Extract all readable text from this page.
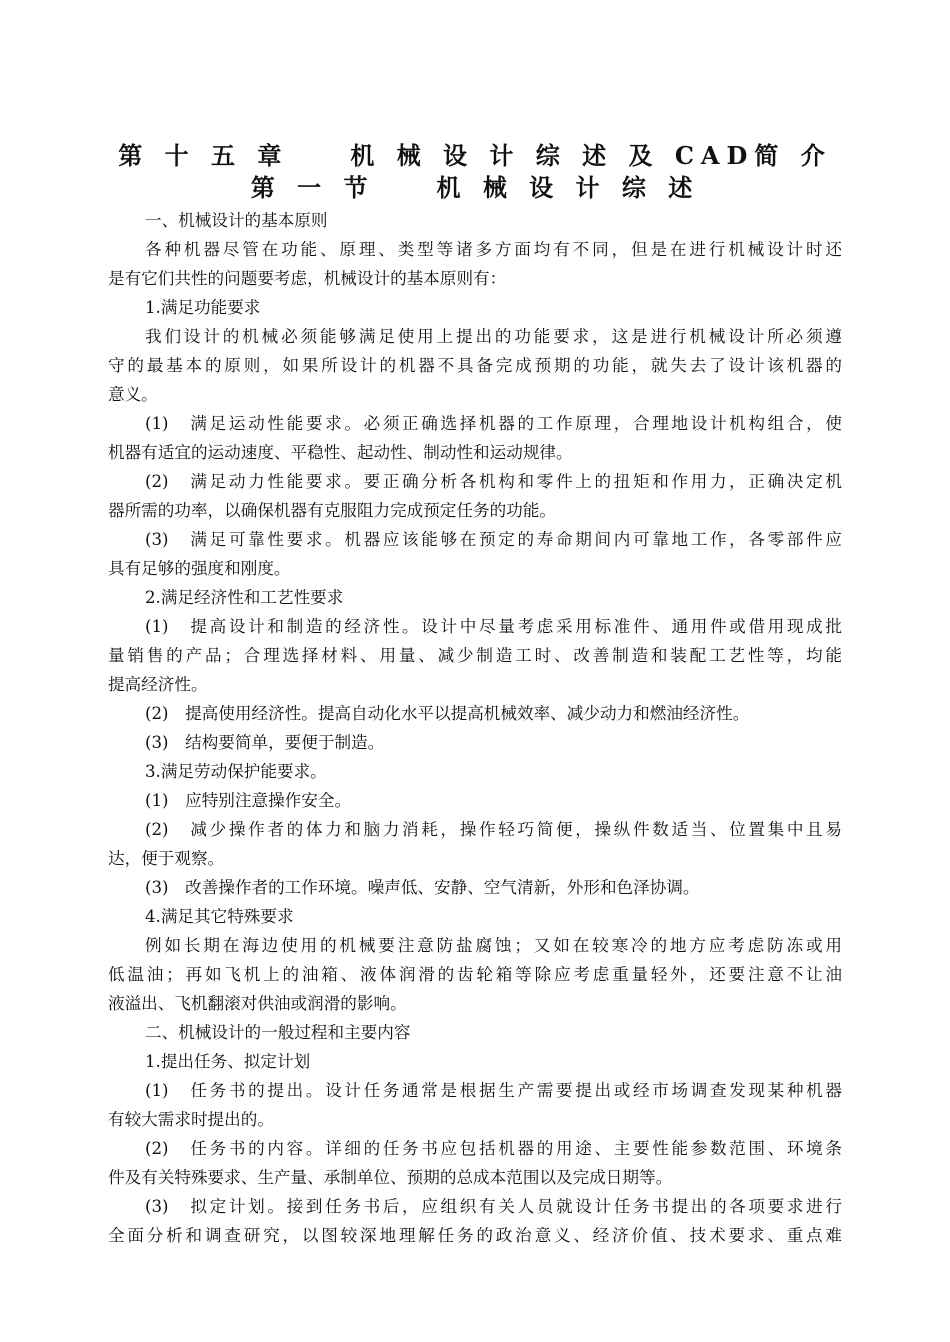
第 十 五 章　　机 械 设 计 综 述 及 CAD简 介
第 一 节　　机 械 设 计 综 述

一、机械设计的基本原则

各种机器尽管在功能、原理、类型等诸多方面均有不同，但是在进行机械设计时还

是有它们共性的问题要考虑，机械设计的基本原则有：

1.满足功能要求

我们设计的机械必须能够满足使用上提出的功能要求，这是进行机械设计所必须遵

守的最基本的原则，如果所设计的机器不具备完成预期的功能，就失去了设计该机器的

意义。

(1)　满足运动性能要求。必须正确选择机器的工作原理，合理地设计机构组合，使

机器有适宜的运动速度、平稳性、起动性、制动性和运动规律。

(2)　满足动力性能要求。要正确分析各机构和零件上的扭矩和作用力，正确决定机

器所需的功率，以确保机器有克服阻力完成预定任务的功能。

(3)　满足可靠性要求。机器应该能够在预定的寿命期间内可靠地工作，各零部件应

具有足够的强度和刚度。

2.满足经济性和工艺性要求

(1)　提高设计和制造的经济性。设计中尽量考虑采用标准件、通用件或借用现成批

量销售的产品；合理选择材料、用量、减少制造工时、改善制造和装配工艺性等，均能

提高经济性。

(2)　提高使用经济性。提高自动化水平以提高机械效率、减少动力和燃油经济性。

(3)　结构要简单，要便于制造。

3.满足劳动保护能要求。

(1)　应特别注意操作安全。

(2)　减少操作者的体力和脑力消耗，操作轻巧简便，操纵件数适当、位置集中且易

达，便于观察。

(3)　改善操作者的工作环境。噪声低、安静、空气清新，外形和色泽协调。

4.满足其它特殊要求

例如长期在海边使用的机械要注意防盐腐蚀；又如在较寒冷的地方应考虑防冻或用

低温油；再如飞机上的油箱、液体润滑的齿轮箱等除应考虑重量轻外，还要注意不让油

液溢出、飞机翻滚对供油或润滑的影响。

二、机械设计的一般过程和主要内容

1.提出任务、拟定计划

(1)　任务书的提出。设计任务通常是根据生产需要提出或经市场调查发现某种机器

有较大需求时提出的。

(2)　任务书的内容。详细的任务书应包括机器的用途、主要性能参数范围、环境条

件及有关特殊要求、生产量、承制单位、预期的总成本范围以及完成日期等。

(3)　拟定计划。接到任务书后，应组织有关人员就设计任务书提出的各项要求进行

全面分析和调查研究，以图较深地理解任务的政治意义、经济价值、技术要求、重点难
